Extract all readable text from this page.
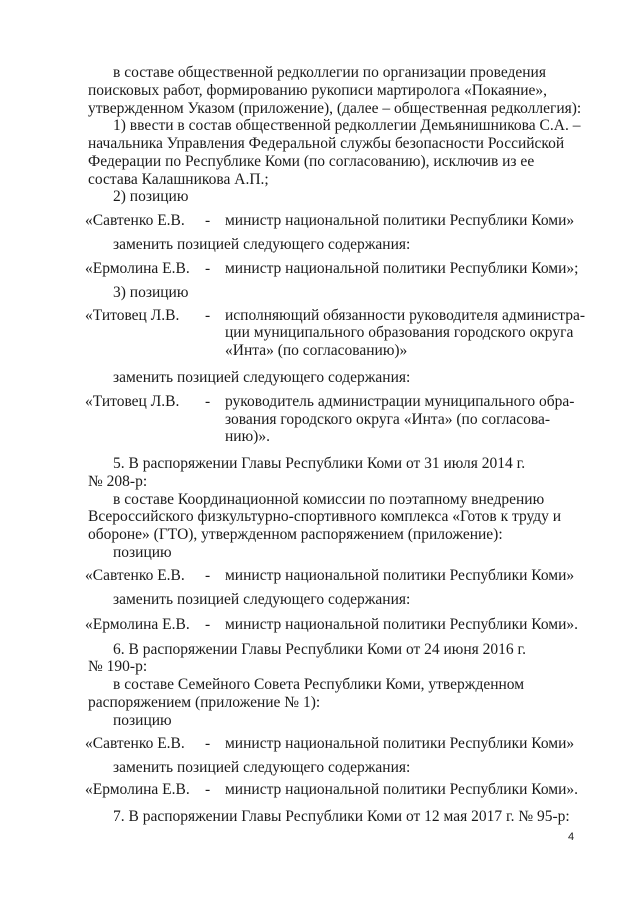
в составе общественной редколлегии по организации проведения
поисковых работ, формированию рукописи мартиролога «Покаяние»,
утвержденном Указом (приложение), (далее – общественная редколлегия):
1) ввести в состав общественной редколлегии Демьянишникова С.А. –
начальника Управления Федеральной службы безопасности Российской
Федерации по Республике Коми (по согласованию), исключив из ее
состава Калашникова А.П.;
2) позицию
«Савтенко Е.В. - министр национальной политики Республики Коми»
заменить позицией следующего содержания:
«Ермолина Е.В. - министр национальной политики Республики Коми»;
3) позицию
«Титовец Л.В. - исполняющий обязанности руководителя администра-
ции муниципального образования городского округа
«Инта» (по согласованию)»
заменить позицией следующего содержания:
«Титовец Л.В. - руководитель администрации муниципального обра-
зования городского округа «Инта» (по согласова-
нию)».
5. В распоряжении Главы Республики Коми от 31 июля 2014 г.
№ 208-р:
в составе Координационной комиссии по поэтапному внедрению
Всероссийского физкультурно-спортивного комплекса «Готов к труду и
обороне» (ГТО), утвержденном распоряжением (приложение):
позицию
«Савтенко Е.В. - министр национальной политики Республики Коми»
заменить позицией следующего содержания:
«Ермолина Е.В. - министр национальной политики Республики Коми».
6. В распоряжении Главы Республики Коми от 24 июня 2016 г.
№ 190-р:
в составе Семейного Совета Республики Коми, утвержденном
распоряжением (приложение № 1):
позицию
«Савтенко Е.В. - министр национальной политики Республики Коми»
заменить позицией следующего содержания:
«Ермолина Е.В. - министр национальной политики Республики Коми».
7. В распоряжении Главы Республики Коми от 12 мая 2017 г. № 95-р:
4
